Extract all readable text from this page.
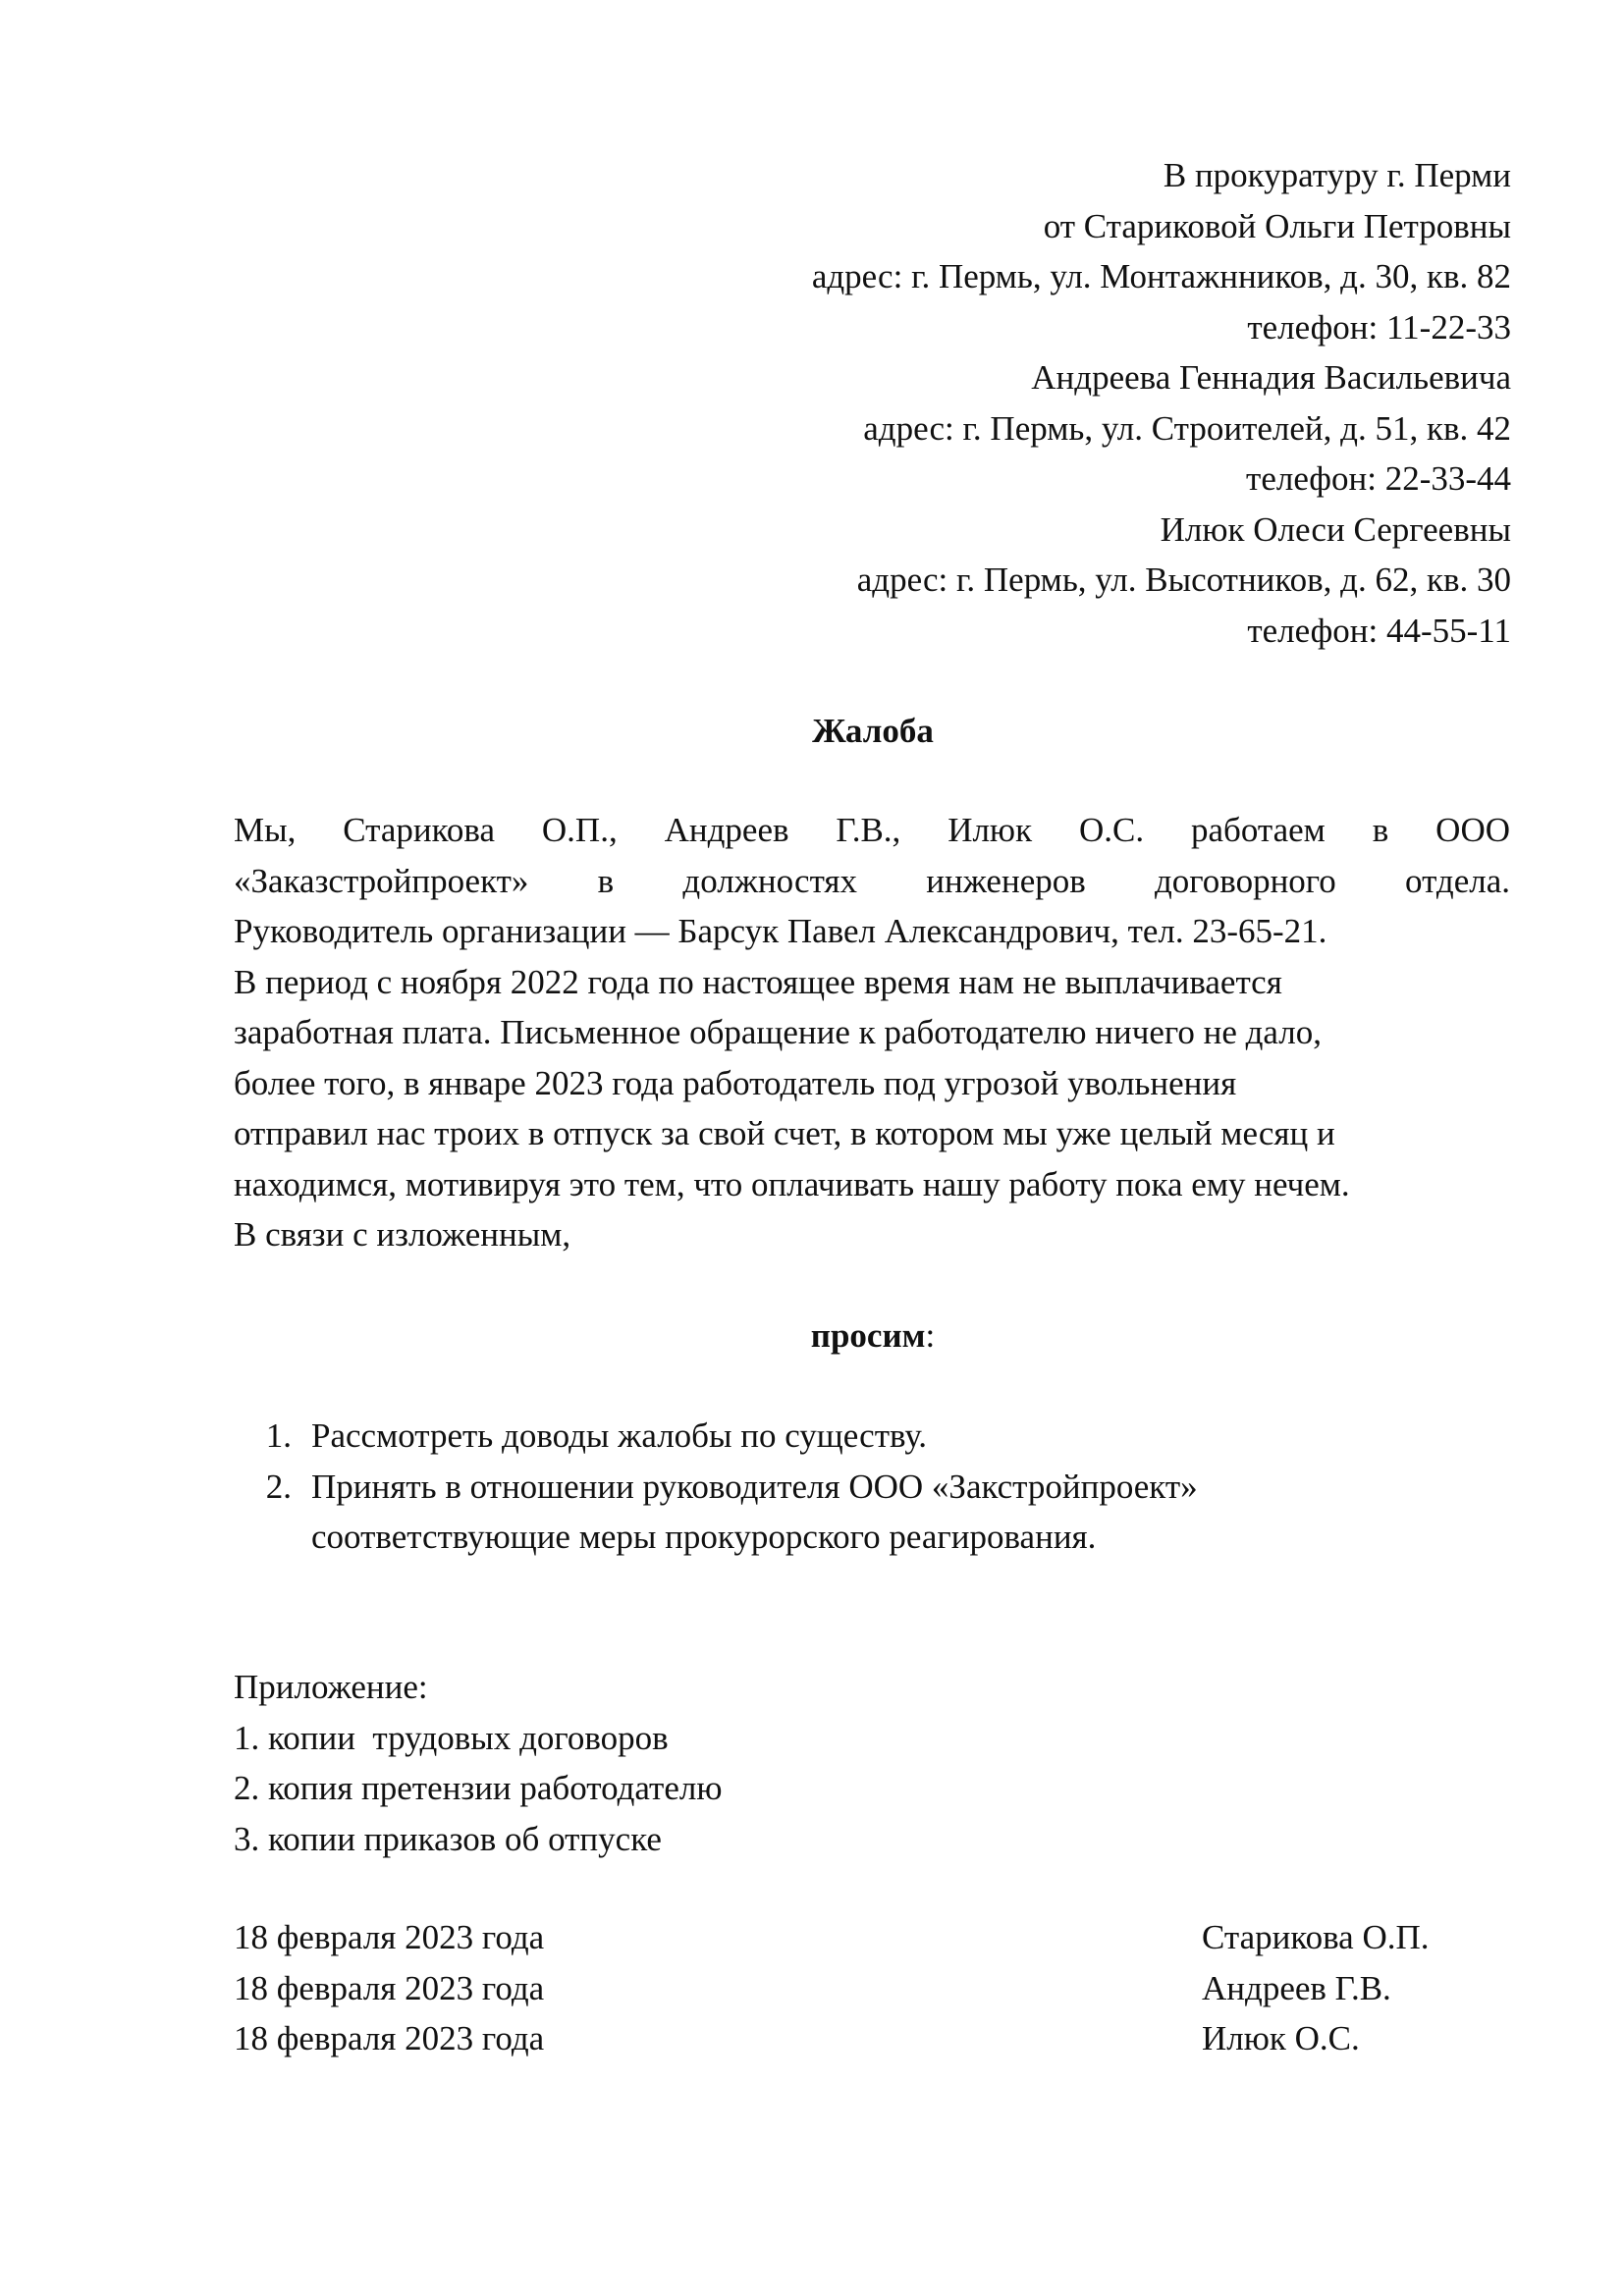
В прокуратуру г. Перми
от Стариковой Ольги Петровны
адрес: г. Пермь, ул. Монтажнников, д. 30, кв. 82
телефон: 11-22-33
Андреева Геннадия Васильевича
адрес: г. Пермь, ул. Строителей, д. 51, кв. 42
телефон: 22-33-44
Илюк Олеси Сергеевны
адрес: г. Пермь, ул. Высотников, д. 62, кв. 30
телефон: 44-55-11
Жалоба
Мы, Старикова О.П., Андреев Г.В., Илюк О.С. работаем в ООО
«Заказстройпроект» в должностях инженеров договорного отдела.
Руководитель организации — Барсук Павел Александрович, тел. 23-65-21.
В период с ноября 2022 года по настоящее время нам не выплачивается
заработная плата. Письменное обращение к работодателю ничего не дало,
более того, в январе 2023 года работодатель под угрозой увольнения
отправил нас троих в отпуск за свой счет, в котором мы уже целый месяц и
находимся, мотивируя это тем, что оплачивать нашу работу пока ему нечем.
В связи с изложенным,
просим:
1. Рассмотреть доводы жалобы по существу.
2. Принять в отношении руководителя ООО «Закстройпроект»
соответствующие меры прокурорского реагирования.
Приложение:
1. копии  трудовых договоров
2. копия претензии работодателю
3. копии приказов об отпуске
18 февраля 2023 года	Старикова О.П.
18 февраля 2023 года	Андреев Г.В.
18 февраля 2023 года	Илюк О.С.
